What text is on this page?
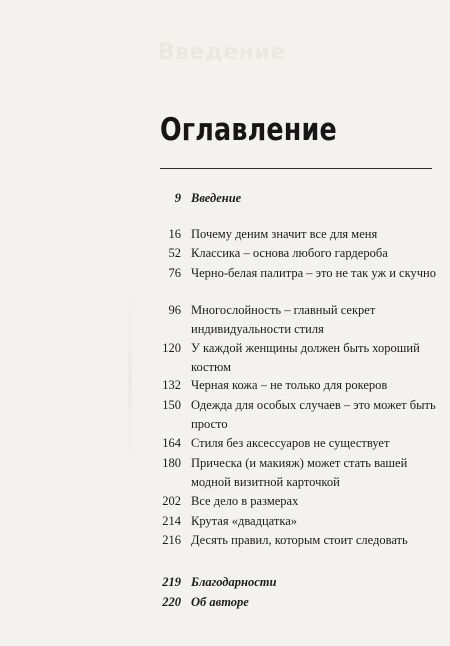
Введение
Оглавление
9 Введение
16 Почему деним значит все для меня
52 Классика – основа любого гардероба
76 Черно-белая палитра – это не так уж и скучно
96 Многослойность – главный секрет индивидуальности стиля
120 У каждой женщины должен быть хороший костюм
132 Черная кожа – не только для рокеров
150 Одежда для особых случаев – это может быть просто
164 Стиля без аксессуаров не существует
180 Прическа (и макияж) может стать вашей модной визитной карточкой
202 Все дело в размерах
214 Крутая «двадцатка»
216 Десять правил, которым стоит следовать
219 Благодарности
220 Об авторе
